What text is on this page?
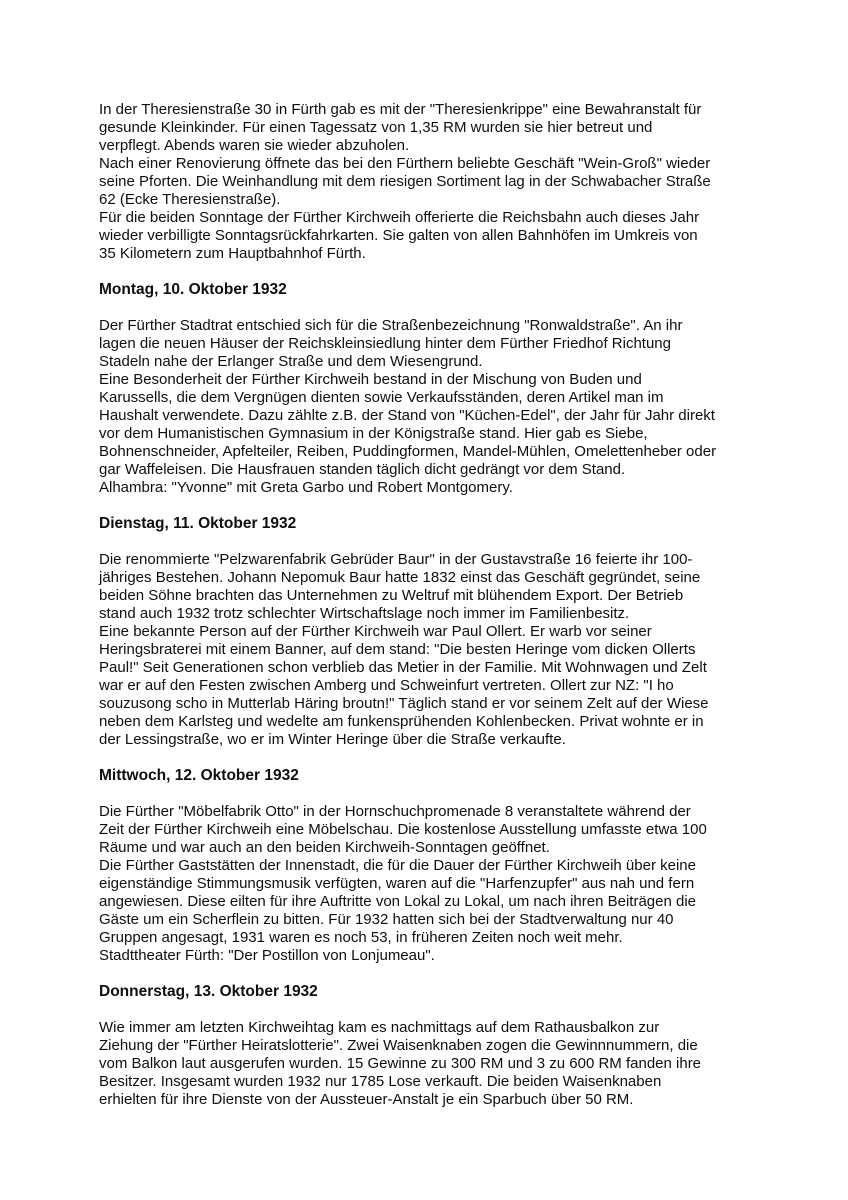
In der Theresienstraße 30 in Fürth gab es mit der "Theresienkrippe" eine Bewahranstalt für
gesunde Kleinkinder. Für einen Tagessatz von 1,35 RM wurden sie hier betreut und
verpflegt. Abends waren sie wieder abzuholen.
Nach einer Renovierung öffnete das bei den Fürthern beliebte Geschäft "Wein-Groß" wieder
seine Pforten. Die Weinhandlung mit dem riesigen Sortiment lag in der Schwabacher Straße
62 (Ecke Theresienstraße).
Für die beiden Sonntage der Fürther Kirchweih offerierte die Reichsbahn auch dieses Jahr
wieder verbilligte Sonntagsrückfahrkarten. Sie galten von allen Bahnhöfen im Umkreis von
35 Kilometern zum Hauptbahnhof Fürth.
Montag, 10. Oktober 1932
Der Fürther Stadtrat entschied sich für die Straßenbezeichnung "Ronwaldstraße". An ihr
lagen die neuen Häuser der Reichskleinsiedlung hinter dem Fürther Friedhof Richtung
Stadeln nahe der Erlanger Straße und dem Wiesengrund.
Eine Besonderheit der Fürther Kirchweih bestand in der Mischung von Buden und
Karussells, die dem Vergnügen dienten sowie Verkaufsständen, deren Artikel man im
Haushalt verwendete. Dazu zählte z.B. der Stand von "Küchen-Edel", der Jahr für Jahr direkt
vor dem Humanistischen Gymnasium in der Königstraße stand. Hier gab es Siebe,
Bohnenschneider, Apfelteiler, Reiben, Puddingformen, Mandel-Mühlen, Omelettenheber oder
gar Waffeleisen. Die Hausfrauen standen täglich dicht gedrängt vor dem Stand.
Alhambra: "Yvonne" mit Greta Garbo und Robert Montgomery.
Dienstag, 11. Oktober 1932
Die renommierte "Pelzwarenfabrik Gebrüder Baur" in der Gustavstraße 16 feierte ihr 100-
jähriges Bestehen. Johann Nepomuk Baur hatte 1832 einst das Geschäft gegründet, seine
beiden Söhne brachten das Unternehmen zu Weltruf mit blühendem Export. Der Betrieb
stand auch 1932 trotz schlechter Wirtschaftslage noch immer im Familienbesitz.
Eine bekannte Person auf der Fürther Kirchweih war Paul Ollert. Er warb vor seiner
Heringsbraterei mit einem Banner, auf dem stand: "Die besten Heringe vom dicken Ollerts
Paul!" Seit Generationen schon verblieb das Metier in der Familie. Mit Wohnwagen und Zelt
war er auf den Festen zwischen Amberg und Schweinfurt vertreten. Ollert zur NZ: "I ho
souzusong scho in Mutterlab Häring broutn!" Täglich stand er vor seinem Zelt auf der Wiese
neben dem Karlsteg und wedelte am funkensprühenden Kohlenbecken. Privat wohnte er in
der Lessingstraße, wo er im Winter Heringe über die Straße verkaufte.
Mittwoch, 12. Oktober 1932
Die Fürther "Möbelfabrik Otto" in der Hornschuchpromenade 8 veranstaltete während der
Zeit der Fürther Kirchweih eine Möbelschau. Die kostenlose Ausstellung umfasste etwa 100
Räume und war auch an den beiden Kirchweih-Sonntagen geöffnet.
Die Fürther Gaststätten der Innenstadt, die für die Dauer der Fürther Kirchweih über keine
eigenständige Stimmungsmusik verfügten, waren auf die "Harfenzupfer" aus nah und fern
angewiesen. Diese eilten für ihre Auftritte von Lokal zu Lokal, um nach ihren Beiträgen die
Gäste um ein Scherflein zu bitten. Für 1932 hatten sich bei der Stadtverwaltung nur 40
Gruppen angesagt, 1931 waren es noch 53, in früheren Zeiten noch weit mehr.
Stadttheater Fürth: "Der Postillon von Lonjumeau".
Donnerstag, 13. Oktober 1932
Wie immer am letzten Kirchweihtag kam es nachmittags auf dem Rathausbalkon zur
Ziehung der "Fürther Heiratslotterie". Zwei Waisenknaben zogen die Gewinnnummern, die
vom Balkon laut ausgerufen wurden. 15 Gewinne zu 300 RM und 3 zu 600 RM fanden ihre
Besitzer. Insgesamt wurden 1932 nur 1785 Lose verkauft. Die beiden Waisenknaben
erhielten für ihre Dienste von der Aussteuer-Anstalt je ein Sparbuch über 50 RM.
